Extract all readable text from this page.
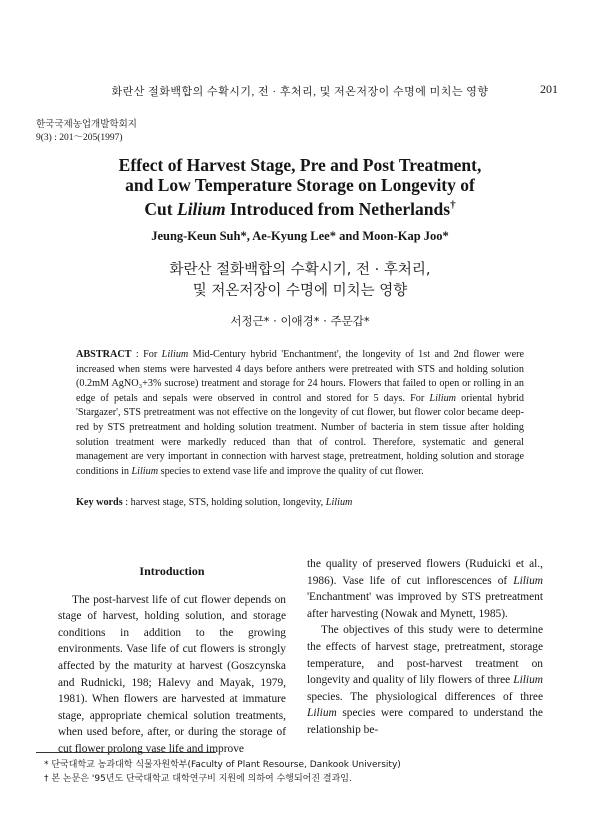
화란산 절화백합의 수확시기, 전 · 후처리, 및 저온저장이 수명에 미치는 영향	201
한국국제농업개발학회지
9(3) : 201～205(1997)
Effect of Harvest Stage, Pre and Post Treatment,
and Low Temperature Storage on Longevity of
Cut Lilium Introduced from Netherlands†
Jeung-Keun Suh*, Ae-Kyung Lee* and Moon-Kap Joo*
화란산 절화백합의 수확시기, 전 · 후처리,
및 저온저장이 수명에 미치는 영향
서정근* · 이애경* · 주문갑*
ABSTRACT : For Lilium Mid-Century hybrid 'Enchantment', the longevity of 1st and 2nd flower were increased when stems were harvested 4 days before anthers were pretreated with STS and holding solution (0.2mM AgNO₃+3% sucrose) treatment and storage for 24 hours. Flowers that failed to open or rolling in an edge of petals and sepals were observed in control and stored for 5 days. For Lilium oriental hybrid 'Stargazer', STS pretreatment was not effective on the longevity of cut flower, but flower color became deep-red by STS pretreatment and holding solution treatment. Number of bacteria in stem tissue after holding solution treatment were markedly reduced than that of control. Therefore, systematic and general management are very important in connection with harvest stage, pretreatment, holding solution and storage conditions in Lilium species to extend vase life and improve the quality of cut flower.
Key words : harvest stage, STS, holding solution, longevity, Lilium
Introduction

The post-harvest life of cut flower depends on stage of harvest, holding solution, and storage conditions in addition to the growing environments. Vase life of cut flowers is strongly affected by the maturity at harvest (Goszcynska and Rudnicki, 198; Halevy and Mayak, 1979, 1981). When flowers are harvested at immature stage, appropriate chemical solution treatments, when used before, after, or during the storage of cut flower prolong vase life and improve

the quality of preserved flowers (Ruduicki et al., 1986). Vase life of cut inflorescences of Lilium 'Enchantment' was improved by STS pretreatment after harvesting (Nowak and Mynett, 1985).

The objectives of this study were to determine the effects of harvest stage, pretreatment, storage temperature, and post-harvest treatment on longevity and quality of lily flowers of three Lilium species. The physiological differences of three Lilium species were compared to understand the relationship be-

* 단국대학교 농과대학 식물자원학부(Faculty of Plant Resourse, Dankook University)
† 본 논문은 '95년도 단국대학교 대학연구비 지원에 의하여 수행되어진 결과임.
